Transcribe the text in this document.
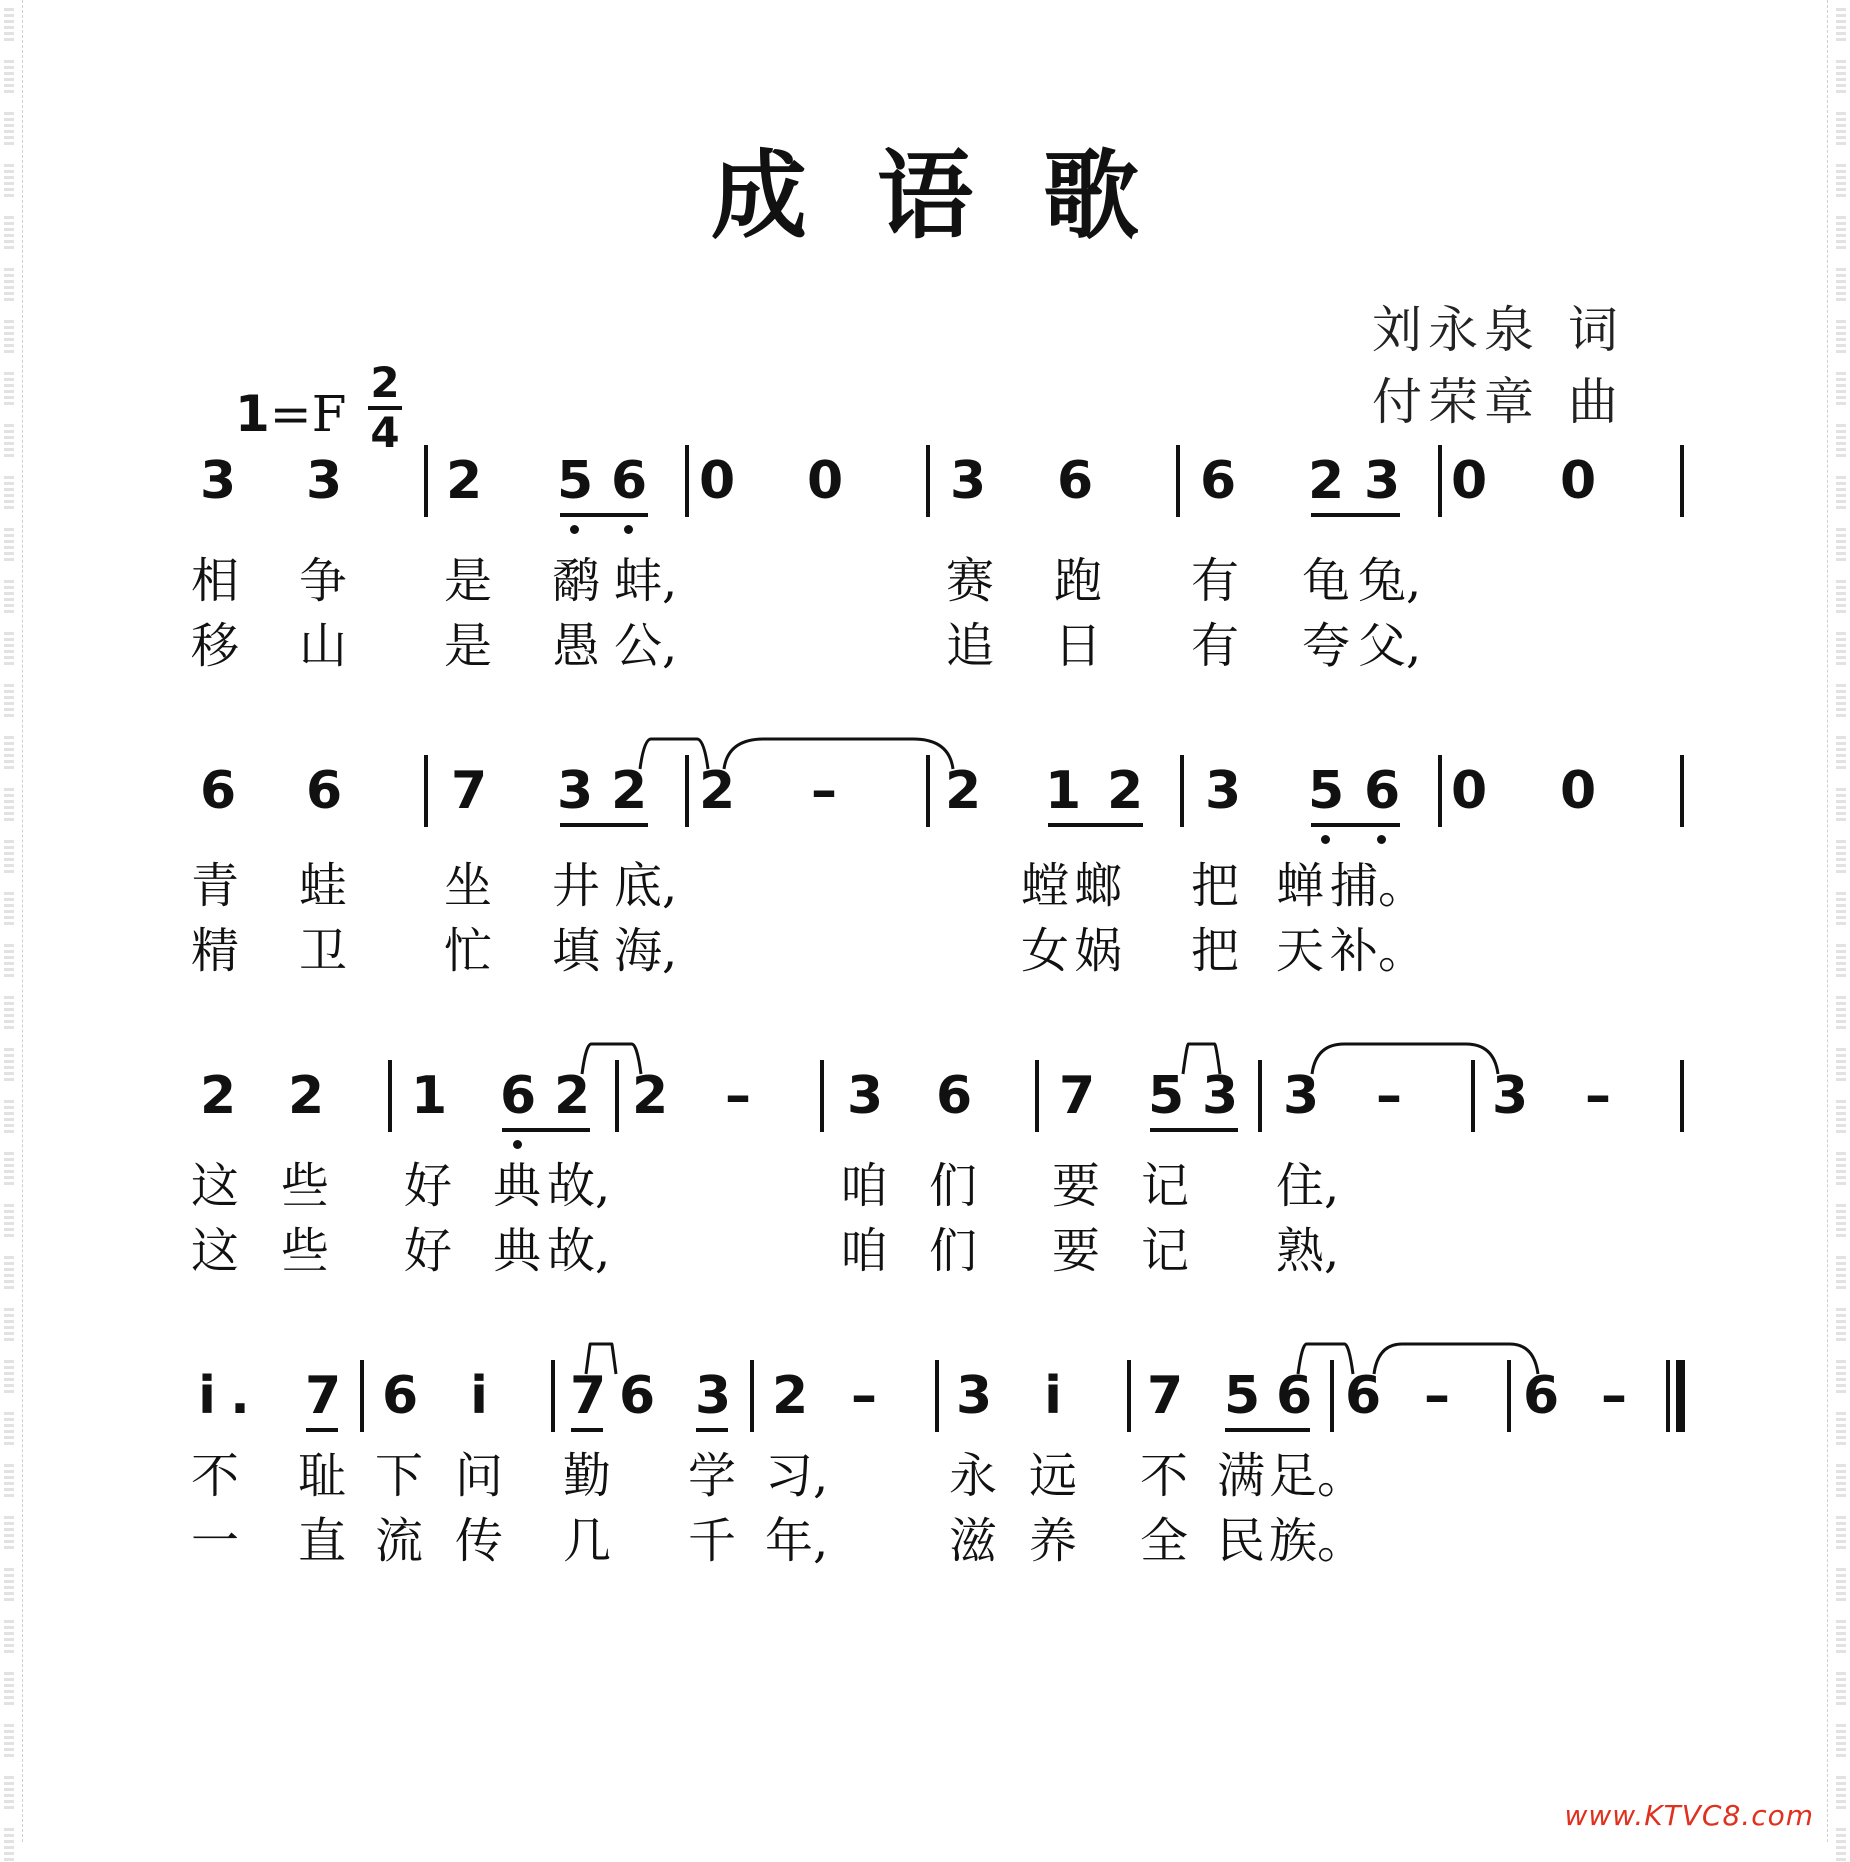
成语歌
刘永泉 词
付荣章 曲
1=F
2
4
3 3 2 5 6 0 0 3 6 6 2 3 0 0
相 争 是 鹬 蚌,	赛 跑 有 龟 兔,
移 山 是 愚 公,	追 日 有 夸 父,
6 6 7 3 2 2 – 2 1 2 3 5 6 0 0
青 蛙 坐 井 底,	螳 螂 把 蝉 捕。
精 卫 忙 填 海,	女 娲 把 天 补。
2 2 1 6 2 2 – 3 6 7 5 3 3 – 3 –
这 些 好 典 故,	咱 们 要 记 住,
这 些 好 典 故,	咱 们 要 记 熟,
i . 7 6 i 7 6 3 2 – 3 i 7 5 6 6 – 6 –
不 耻 下 问 勤 学 习,	永 远 不 满 足。
一 直 流 传 几 千 年,	滋 养 全 民 族。
www.KTVC8.com
